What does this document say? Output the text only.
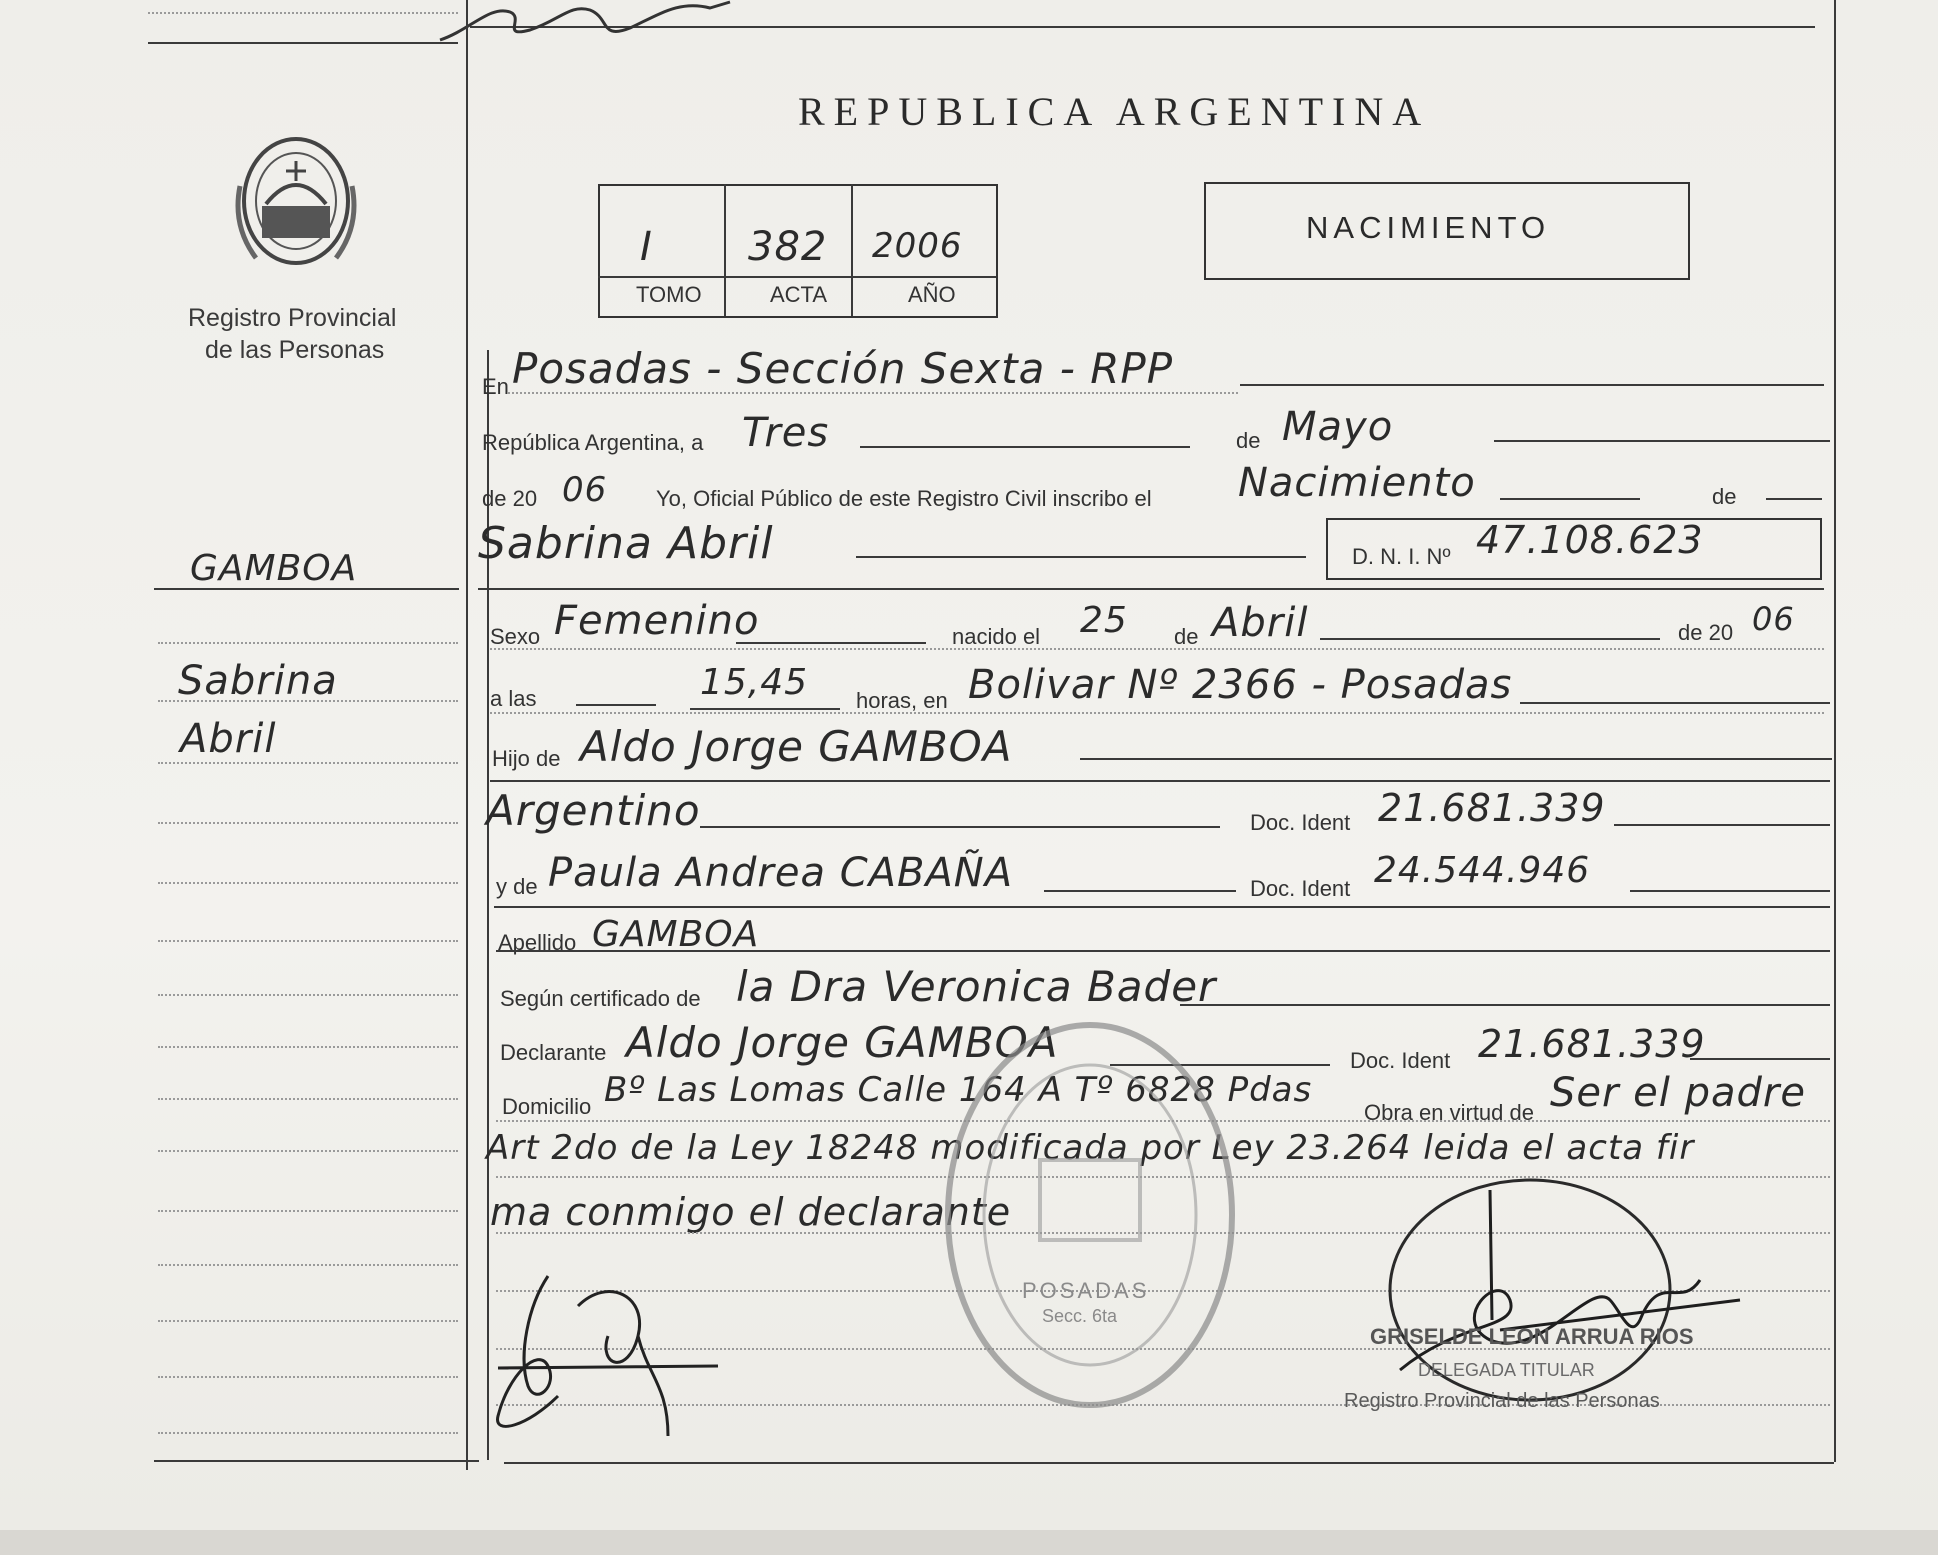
Registro Provincial
de las Personas
REPUBLICA ARGENTINA
I 382 2006
TOMO	ACTA	AÑO
NACIMIENTO
GAMBOA
Sabrina
Abril
En Posadas - Sección Sexta - RPP
República Argentina, a Tres	de Mayo
de 20 06 Yo, Oficial Público de este Registro Civil inscribo el Nacimiento	de
Sabrina Abril	D. N. I. Nº 47.108.623
Sexo Femenino	nacido el 25 de Abril	de 20 06
a las	15,45 horas, en Bolivar Nº 2366 - Posadas
Hijo de Aldo Jorge GAMBOA
Argentino	Doc. Ident 21.681.339
y de Paula Andrea CABAÑA	Doc. Ident 24.544.946
Apellido GAMBOA
Según certificado de la Dra Veronica Bader
Declarante Aldo Jorge GAMBOA	Doc. Ident 21.681.339
Domicilio Bº Las Lomas Calle 164 A Tº 6828 Pdas
Obra en virtud de Ser el padre
Art 2do de la Ley 18248 modificada por Ley 23.264 leida el acta fir
ma conmigo el declarante
POSADAS
Secc. 6ta
GRISELDE LEON ARRUA RIOS
DELEGADA TITULAR
Registro Provincial de las Personas
